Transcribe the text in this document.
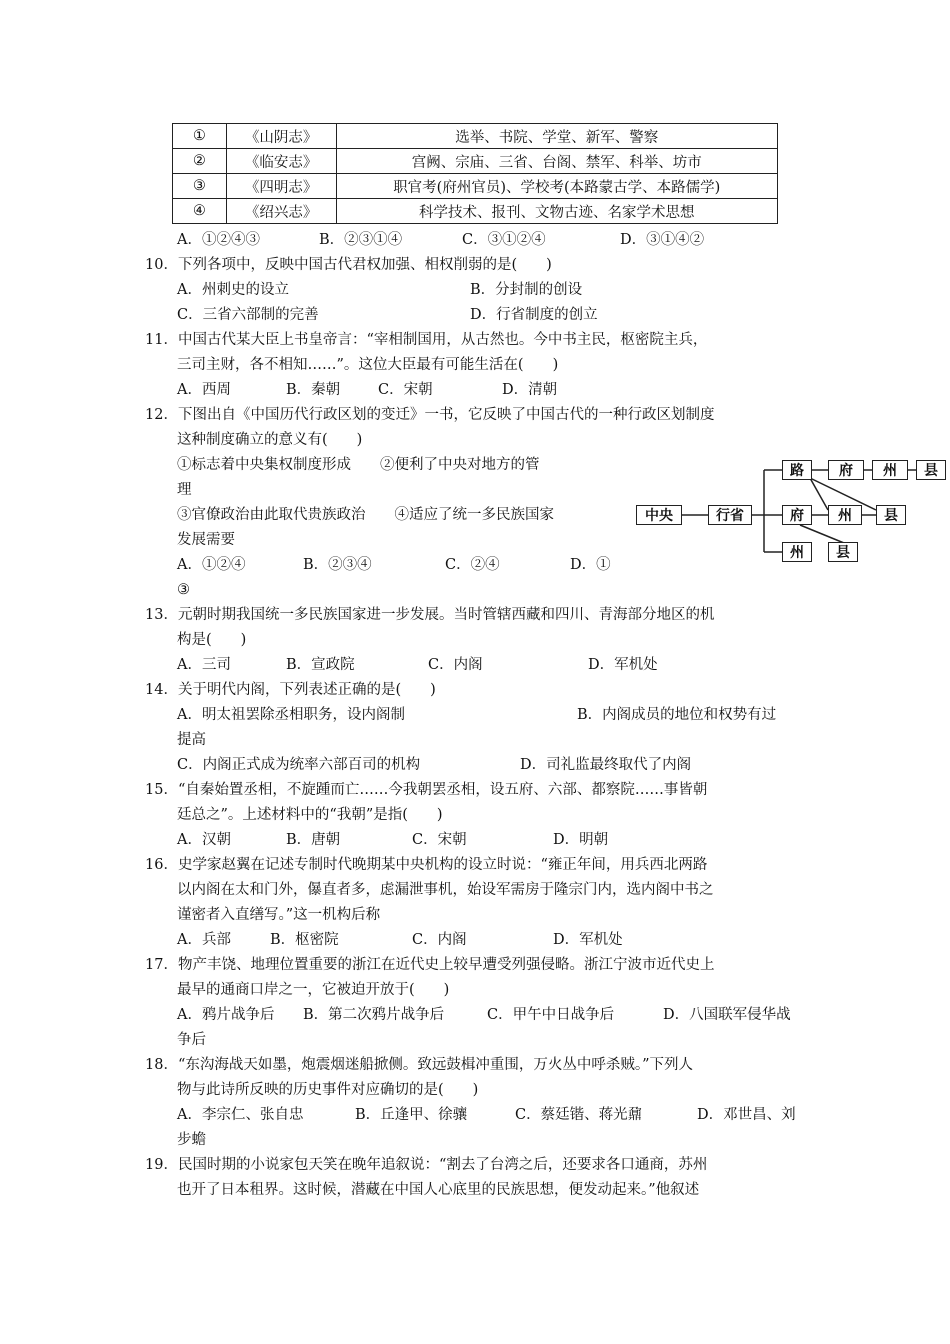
①	《山阴志》	选举、书院、学堂、新军、警察
②	《临安志》	宫阙、宗庙、三省、台阁、禁军、科举、坊市
③	《四明志》	职官考(府州官员)、学校考(本路蒙古学、本路儒学)
④	《绍兴志》	科学技术、报刊、文物古迹、名家学术思想
A．①②④③	B．②③①④	C．③①②④	D．③①④②
10．下列各项中，反映中国古代君权加强、相权削弱的是(　　)
A．州刺史的设立	B．分封制的创设
C．三省六部制的完善	D．行省制度的创立
11．中国古代某大臣上书皇帝言：“宰相制国用，从古然也。今中书主民，枢密院主兵，
三司主财，各不相知……”。这位大臣最有可能生活在(　　)
A．西周	B．秦朝	C．宋朝	D．清朝
12．下图出自《中国历代行政区划的变迁》一书，它反映了中国古代的一种行政区划制度
这种制度确立的意义有(　　)
①标志着中央集权制度形成　　②便利了中央对地方的管
理
③官僚政治由此取代贵族政治　　④适应了统一多民族国家
发展需要
A．①②④	B．②③④	C．②④	D．①
③
中央	行省
路	府	州	县
府	州	县
州	县
13．元朝时期我国统一多民族国家进一步发展。当时管辖西藏和四川、青海部分地区的机
构是(　　)
A．三司	B．宣政院	C．内阁	D．军机处
14．关于明代内阁，下列表述正确的是(　　)
A．明太祖罢除丞相职务，设内阁制	B．内阁成员的地位和权势有过
提高
C．内阁正式成为统率六部百司的机构	D．司礼监最终取代了内阁
15．“自秦始置丞相，不旋踵而亡……今我朝罢丞相，设五府、六部、都察院……事皆朝
廷总之”。上述材料中的“我朝”是指(　　)
A．汉朝	B．唐朝	C．宋朝	D．明朝
16．史学家赵翼在记述专制时代晚期某中央机构的设立时说：“雍正年间，用兵西北两路
以内阁在太和门外，儤直者多，虑漏泄事机，始设军需房于隆宗门内，选内阁中书之
谨密者入直缮写。”这一机构后称
A．兵部	B．枢密院	C．内阁	D．军机处
17．物产丰饶、地理位置重要的浙江在近代史上较早遭受列强侵略。浙江宁波市近代史上
最早的通商口岸之一，它被迫开放于(　　)
A．鸦片战争后 B．第二次鸦片战争后	C．甲午中日战争后	D．八国联军侵华战
争后
18．“东沟海战天如墨，炮震烟迷船掀侧。致远鼓楫冲重围，万火丛中呼杀贼。”下列人
物与此诗所反映的历史事件对应确切的是(　　)
A．李宗仁、张自忠	B．丘逢甲、徐骧	C．蔡廷锴、蒋光鼐	D．邓世昌、刘
步蟾
19．民国时期的小说家包天笑在晚年追叙说：“割去了台湾之后，还要求各口通商，苏州
也开了日本租界。这时候，潜藏在中国人心底里的民族思想，便发动起来。”他叙述
